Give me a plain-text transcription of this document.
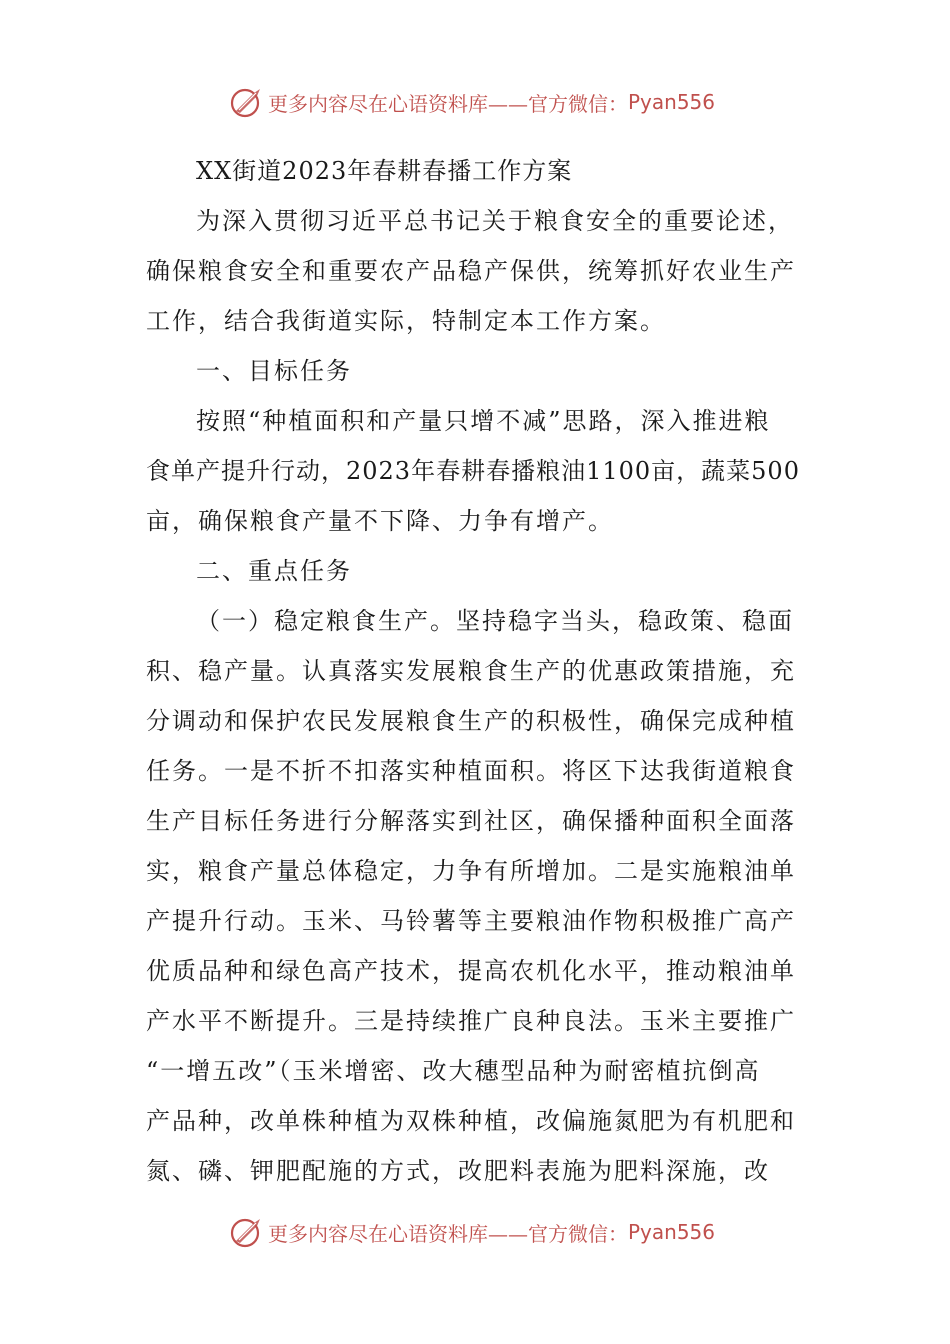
更多内容尽在心语资料库——官方微信： Pyan556
XX街道2023年春耕春播工作方案
为深入贯彻习近平总书记关于粮食安全的重要论述，
确保粮食安全和重要农产品稳产保供，统筹抓好农业生产
工作，结合我街道实际，特制定本工作方案。
一、目标任务
按照“种植面积和产量只增不减”思路，深入推进粮
食单产提升行动，2023年春耕春播粮油1100亩，蔬菜500
亩，确保粮食产量不下降、力争有增产。
二、重点任务
（一）稳定粮食生产。坚持稳字当头，稳政策、稳面
积、稳产量。认真落实发展粮食生产的优惠政策措施，充
分调动和保护农民发展粮食生产的积极性，确保完成种植
任务。一是不折不扣落实种植面积。将区下达我街道粮食
生产目标任务进行分解落实到社区，确保播种面积全面落
实，粮食产量总体稳定，力争有所增加。二是实施粮油单
产提升行动。玉米、马铃薯等主要粮油作物积极推广高产
优质品种和绿色高产技术，提高农机化水平，推动粮油单
产水平不断提升。三是持续推广良种良法。玉米主要推广
“一增五改”（玉米增密、改大穗型品种为耐密植抗倒高
产品种，改单株种植为双株种植，改偏施氮肥为有机肥和
氮、磷、钾肥配施的方式，改肥料表施为肥料深施，改
更多内容尽在心语资料库——官方微信： Pyan556
